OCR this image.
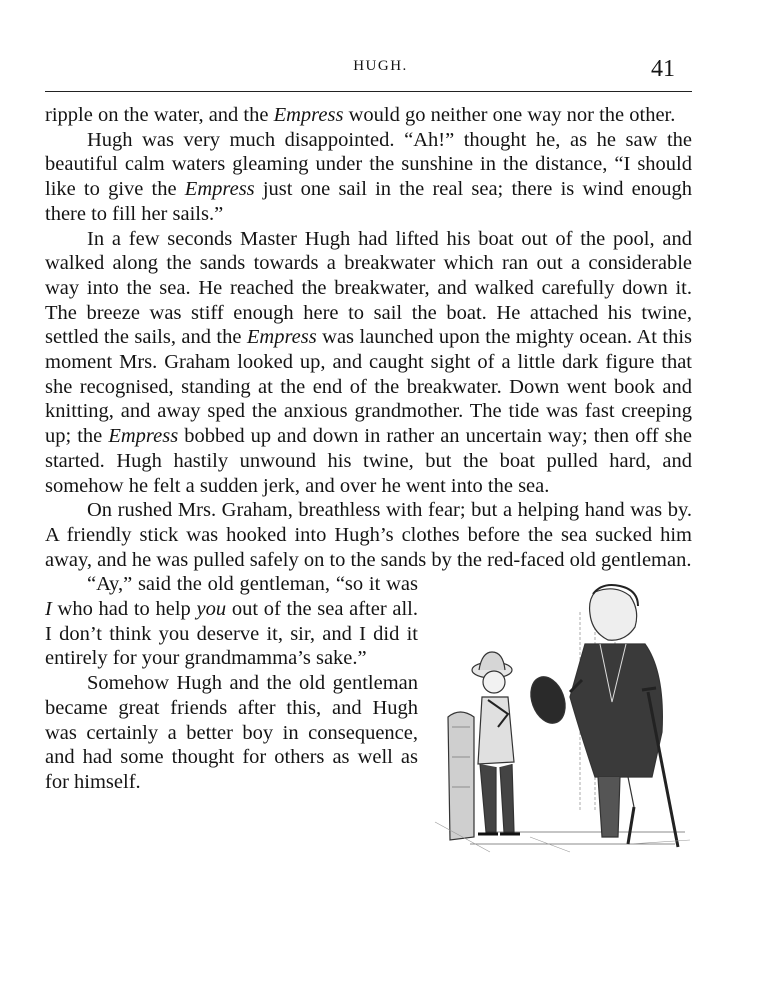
HUGH.	41

ripple on the water, and the Empress would go neither one way nor the other.

Hugh was very much disappointed. “Ah!” thought he, as he saw the beautiful calm waters gleaming under the sunshine in the distance, “I should like to give the Empress just one sail in the real sea; there is wind enough there to fill her sails.”

In a few seconds Master Hugh had lifted his boat out of the pool, and walked along the sands towards a breakwater which ran out a considerable way into the sea. He reached the breakwater, and walked carefully down it. The breeze was stiff enough here to sail the boat. He attached his twine, settled the sails, and the Empress was launched upon the mighty ocean. At this moment Mrs. Graham looked up, and caught sight of a little dark figure that she recognised, standing at the end of the breakwater. Down went book and knitting, and away sped the anxious grandmother. The tide was fast creeping up; the Empress bobbed up and down in rather an uncertain way; then off she started. Hugh hastily unwound his twine, but the boat pulled hard, and somehow he felt a sudden jerk, and over he went into the sea.

On rushed Mrs. Graham, breathless with fear; but a helping hand was by. A friendly stick was hooked into Hugh’s clothes before the sea sucked him away, and he was pulled safely on to the sands by the red-faced old gentleman.

“Ay,” said the old gentleman, “so it was I who had to help you out of the sea after all. I don’t think you deserve it, sir, and I did it entirely for your grandmamma’s sake.”

Somehow Hugh and the old gentleman became great friends after this, and Hugh was certainly a better boy in consequence, and had some thought for others as well as for himself.
